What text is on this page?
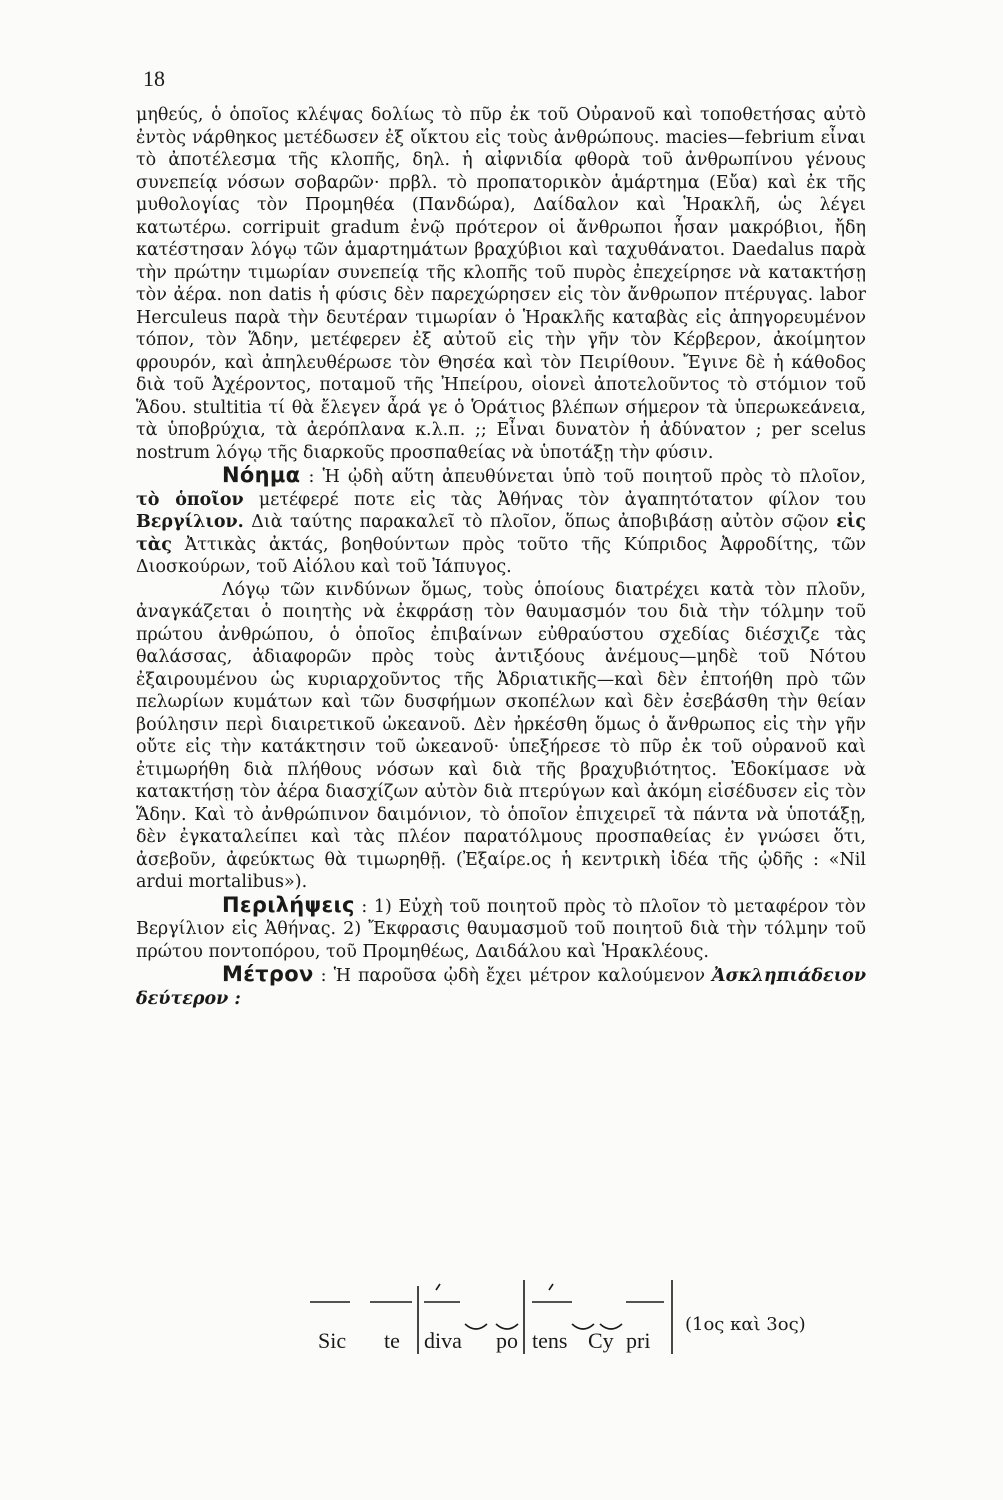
18

μηθεύς, ὁ ὁποῖος κλέψας δολίως τὸ πῦρ ἐκ τοῦ Οὐρανοῦ καὶ τοποθετήσας αὐτὸ ἐντὸς νάρθηκος μετέδωσεν ἐξ οἴκτου εἰς τοὺς ἀνθρώπους. macies—febrium εἶναι τὸ ἀποτέλεσμα τῆς κλοπῆς, δηλ. ἡ αἰφνιδία φθορὰ τοῦ ἀνθρωπίνου γένους συνεπείᾳ νόσων σοβαρῶν· πρβλ. τὸ προπατορικὸν ἁμάρτημα (Εὔα) καὶ ἐκ τῆς μυθολογίας τὸν Προμηθέα (Πανδώρα), Δαίδαλον καὶ Ἡρακλῆ, ὡς λέγει κατωτέρω. corripuit gradum ἐνῷ πρότερον οἱ ἄνθρωποι ἦσαν μακρόβιοι, ἤδη κατέστησαν λόγῳ τῶν ἁμαρτημάτων βραχύβιοι καὶ ταχυθάνατοι. Daedalus παρὰ τὴν πρώτην τιμωρίαν συνεπείᾳ τῆς κλοπῆς τοῦ πυρὸς ἐπεχείρησε νὰ κατακτήσῃ τὸν ἀέρα. non datis ἡ φύσις δὲν παρεχώρησεν εἰς τὸν ἄνθρωπον πτέρυγας. labor Herculeus παρὰ τὴν δευτέραν τιμωρίαν ὁ Ἡρακλῆς καταβὰς εἰς ἀπηγορευμένον τόπον, τὸν Ἅδην, μετέφερεν ἐξ αὐτοῦ εἰς τὴν γῆν τὸν Κέρβερον, ἀκοίμητον φρουρόν, καὶ ἀπηλευθέρωσε τὸν Θησέα καὶ τὸν Πειρίθουν. Ἔγινε δὲ ἡ κάθοδος διὰ τοῦ Ἀχέροντος, ποταμοῦ τῆς Ἠπείρου, οἱονεὶ ἀποτελοῦντος τὸ στόμιον τοῦ Ἅδου. stultitia τί θὰ ἔλεγεν ἆρά γε ὁ Ὁράτιος βλέπων σήμερον τὰ ὑπερωκεάνεια, τὰ ὑποβρύχια, τὰ ἀερόπλανα κ.λ.π. ;; Εἶναι δυνατὸν ἡ ἀδύνατον ; per scelus nostrum λόγῳ τῆς διαρκοῦς προσπαθείας νὰ ὑποτάξῃ τὴν φύσιν.

Νόημα : Ἡ ᾠδὴ αὕτη ἀπευθύνεται ὑπὸ τοῦ ποιητοῦ πρὸς τὸ πλοῖον, τὸ ὁποῖον μετέφερέ ποτε εἰς τὰς Ἀθήνας τὸν ἀγαπητότατον φίλον του Βεργίλιον. Διὰ ταύτης παρακαλεῖ τὸ πλοῖον, ὅπως ἀποβιβάσῃ αὐτὸν σῷον εἰς τὰς Ἀττικὰς ἀκτάς, βοηθούντων πρὸς τοῦτο τῆς Κύπριδος Ἀφροδίτης, τῶν Διοσκούρων, τοῦ Αἰόλου καὶ τοῦ Ἰάπυγος.

Λόγῳ τῶν κινδύνων ὅμως, τοὺς ὁποίους διατρέχει κατὰ τὸν πλοῦν, ἀναγκάζεται ὁ ποιητὴς νὰ ἐκφράσῃ τὸν θαυμασμόν του διὰ τὴν τόλμην τοῦ πρώτου ἀνθρώπου, ὁ ὁποῖος ἐπιβαίνων εὐθραύστου σχεδίας διέσχιζε τὰς θαλάσσας, ἀδιαφορῶν πρὸς τοὺς ἀντιξόους ἀνέμους—μηδὲ τοῦ Νότου ἐξαιρουμένου ὡς κυριαρχοῦντος τῆς Ἀδριατικῆς—καὶ δὲν ἐπτοήθη πρὸ τῶν πελωρίων κυμάτων καὶ τῶν δυσφήμων σκοπέλων καὶ δὲν ἐσεβάσθη τὴν θείαν βούλησιν περὶ διαιρετικοῦ ὠκεανοῦ. Δὲν ἠρκέσθη ὅμως ὁ ἄνθρωπος εἰς τὴν γῆν οὔτε εἰς τὴν κατάκτησιν τοῦ ὠκεανοῦ· ὑπεξήρεσε τὸ πῦρ ἐκ τοῦ οὐρανοῦ καὶ ἐτιμωρήθη διὰ πλήθους νόσων καὶ διὰ τῆς βραχυβιότητος. Ἐδοκίμασε νὰ κατακτήσῃ τὸν ἀέρα διασχίζων αὐτὸν διὰ πτερύγων καὶ ἀκόμη εἰσέδυσεν εἰς τὸν Ἅδην. Καὶ τὸ ἀνθρώπινον δαιμόνιον, τὸ ὁποῖον ἐπιχειρεῖ τὰ πάντα νὰ ὑποτάξῃ, δὲν ἐγκαταλείπει καὶ τὰς πλέον παρατόλμους προσπαθείας ἐν γνώσει ὅτι, ἀσεβοῦν, ἀφεύκτως θὰ τιμωρηθῇ. (Ἐξαίρε.ος ἡ κεντρικὴ ἰδέα τῆς ᾠδῆς : «Nil ardui mortalibus»).

Περιλήψεις : 1) Εὐχὴ τοῦ ποιητοῦ πρὸς τὸ πλοῖον τὸ μεταφέρον τὸν Βεργίλιον εἰς Ἀθήνας. 2) Ἔκφρασις θαυμασμοῦ τοῦ ποιητοῦ διὰ τὴν τόλμην τοῦ πρώτου ποντοπόρου, τοῦ Προμηθέως, Δαιδάλου καὶ Ἡρακλέους.

Μέτρον : Ἡ παροῦσα ᾠδὴ ἔχει μέτρον καλούμενον Ἀσκληπιάδειον δεύτερον :

Sic te diva po tens Cy pri
(1ος καὶ 3ος)
